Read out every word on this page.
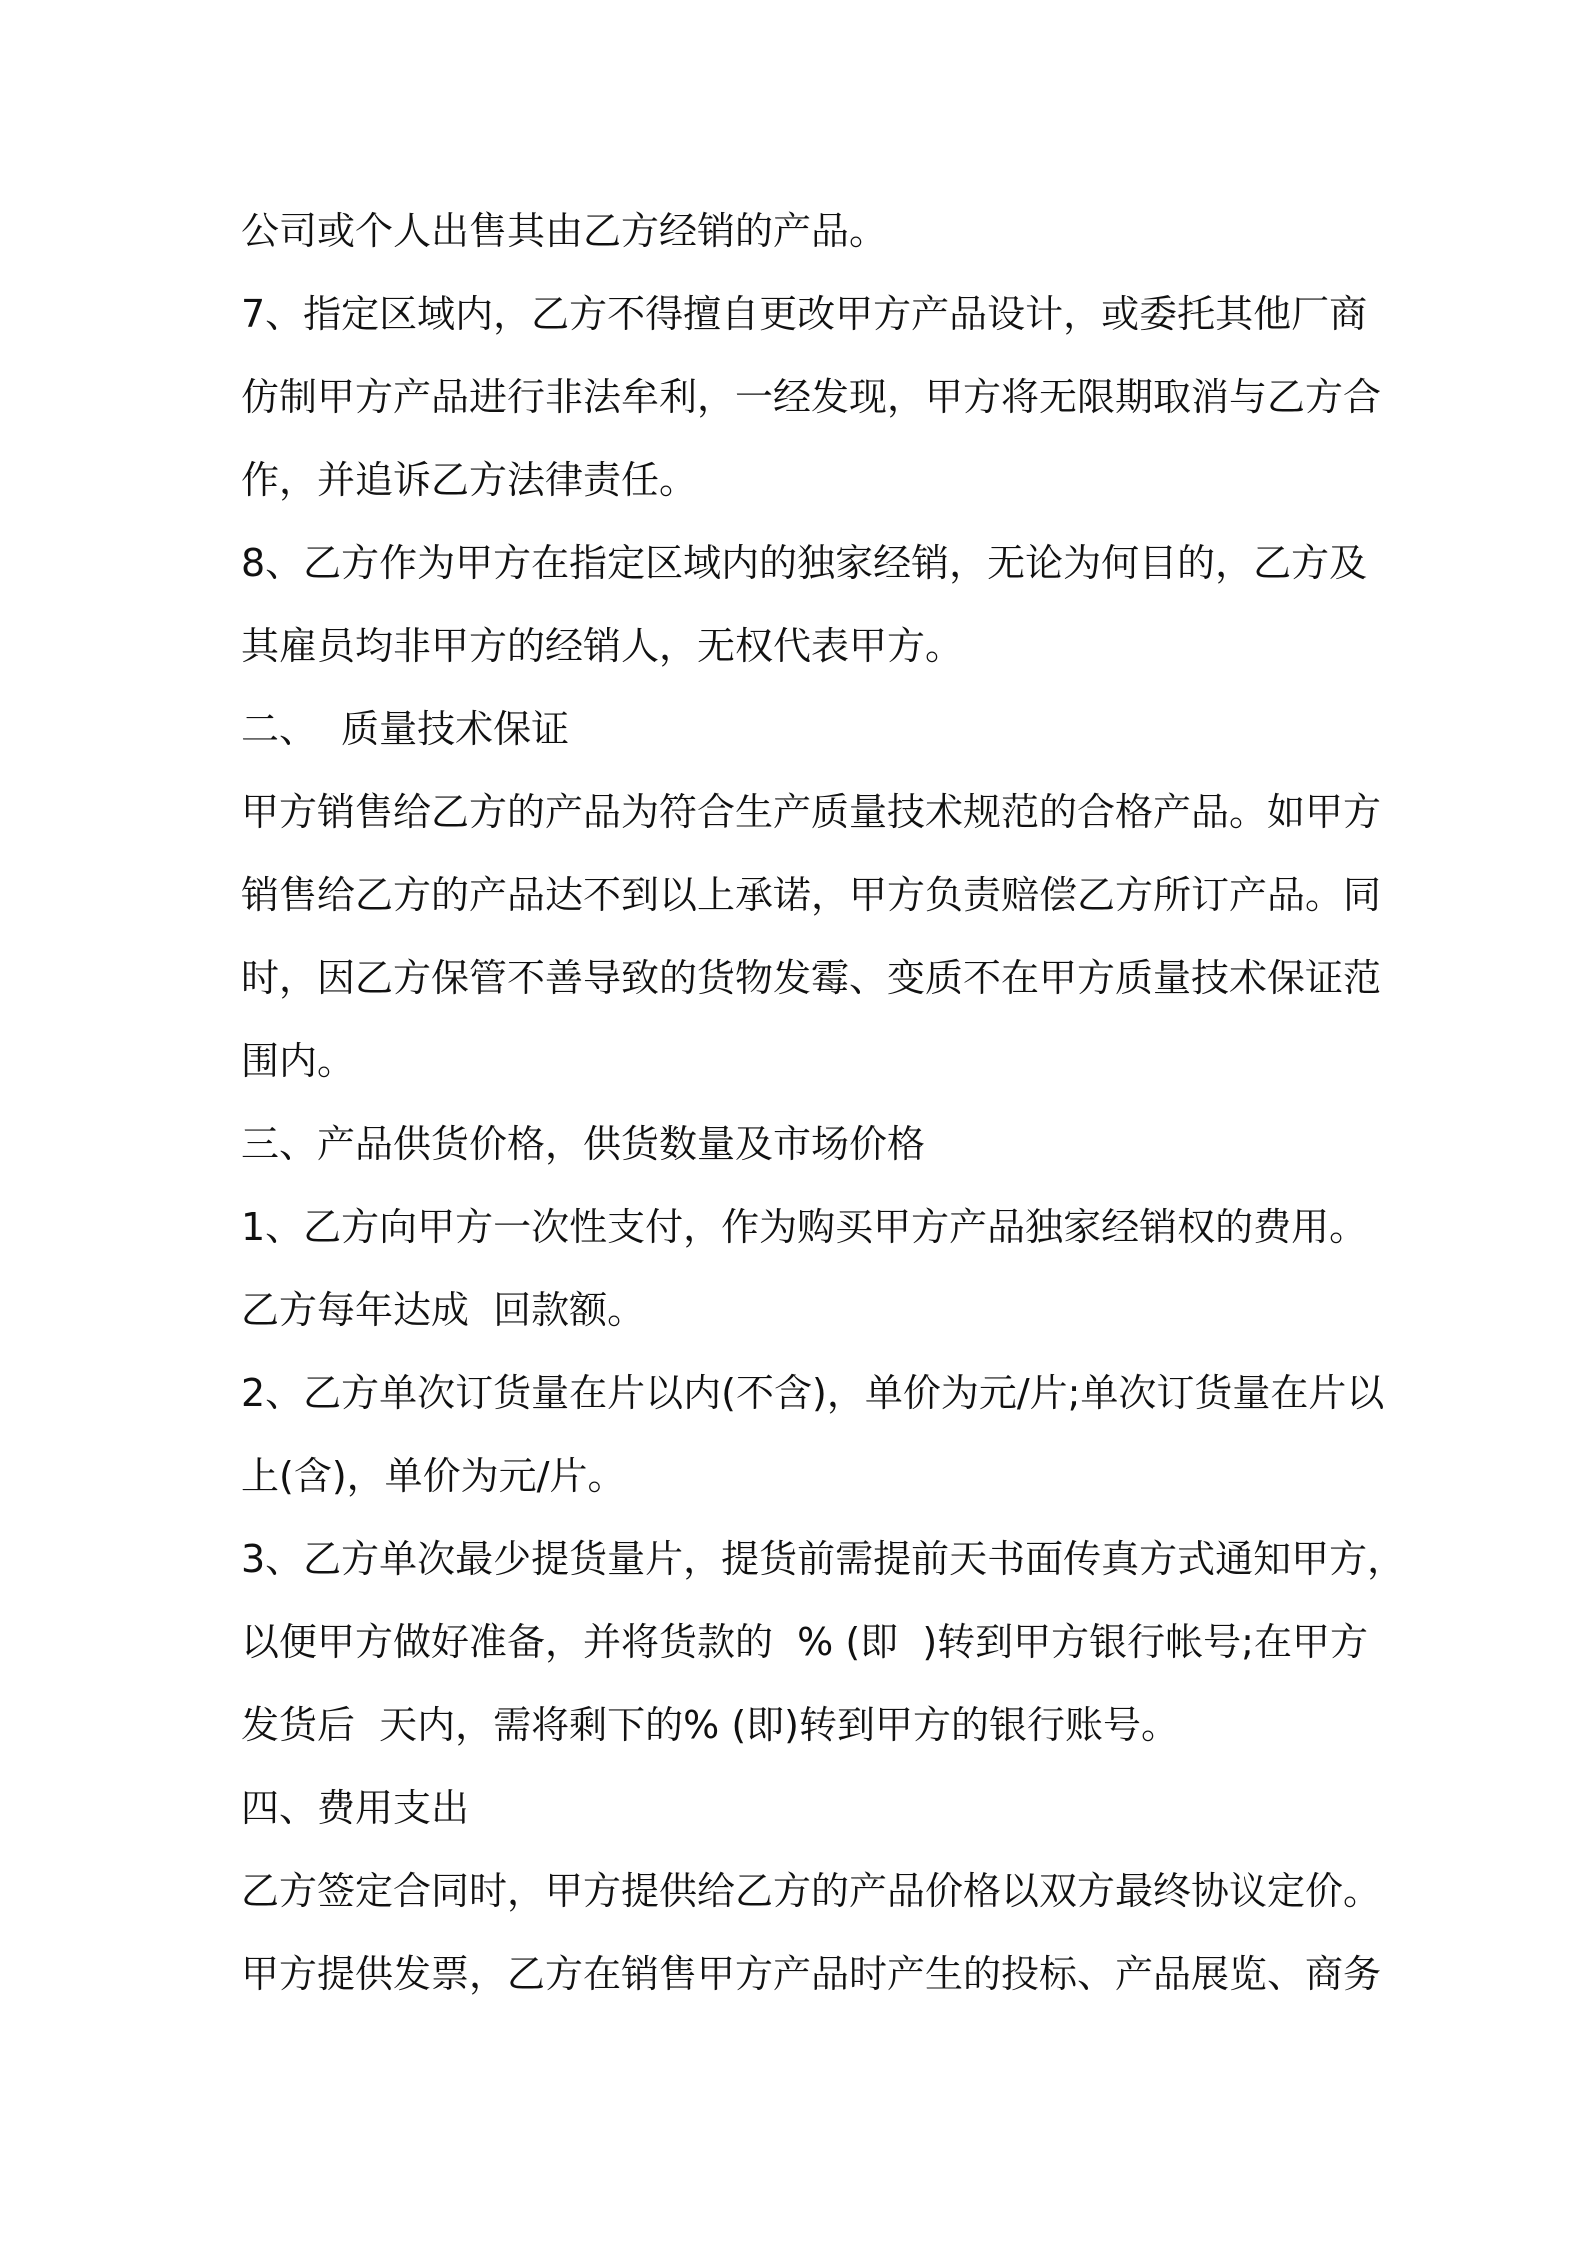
公司或个人出售其由乙方经销的产品。
7、指定区域内，乙方不得擅自更改甲方产品设计，或委托其他厂商
仿制甲方产品进行非法牟利，一经发现，甲方将无限期取消与乙方合
作，并追诉乙方法律责任。
8、乙方作为甲方在指定区域内的独家经销，无论为何目的，乙方及
其雇员均非甲方的经销人，无权代表甲方。
二、  质量技术保证
甲方销售给乙方的产品为符合生产质量技术规范的合格产品。如甲方
销售给乙方的产品达不到以上承诺，甲方负责赔偿乙方所订产品。同
时，因乙方保管不善导致的货物发霉、变质不在甲方质量技术保证范
围内。
三、产品供货价格，供货数量及市场价格
1、乙方向甲方一次性支付，作为购买甲方产品独家经销权的费用。
乙方每年达成  回款额。
2、乙方单次订货量在片以内(不含)，单价为元/片;单次订货量在片以
上(含)，单价为元/片。
3、乙方单次最少提货量片，提货前需提前天书面传真方式通知甲方，
以便甲方做好准备，并将货款的  % (即  )转到甲方银行帐号;在甲方
发货后  天内，需将剩下的% (即)转到甲方的银行账号。
四、费用支出
乙方签定合同时，甲方提供给乙方的产品价格以双方最终协议定价。
甲方提供发票，乙方在销售甲方产品时产生的投标、产品展览、商务
